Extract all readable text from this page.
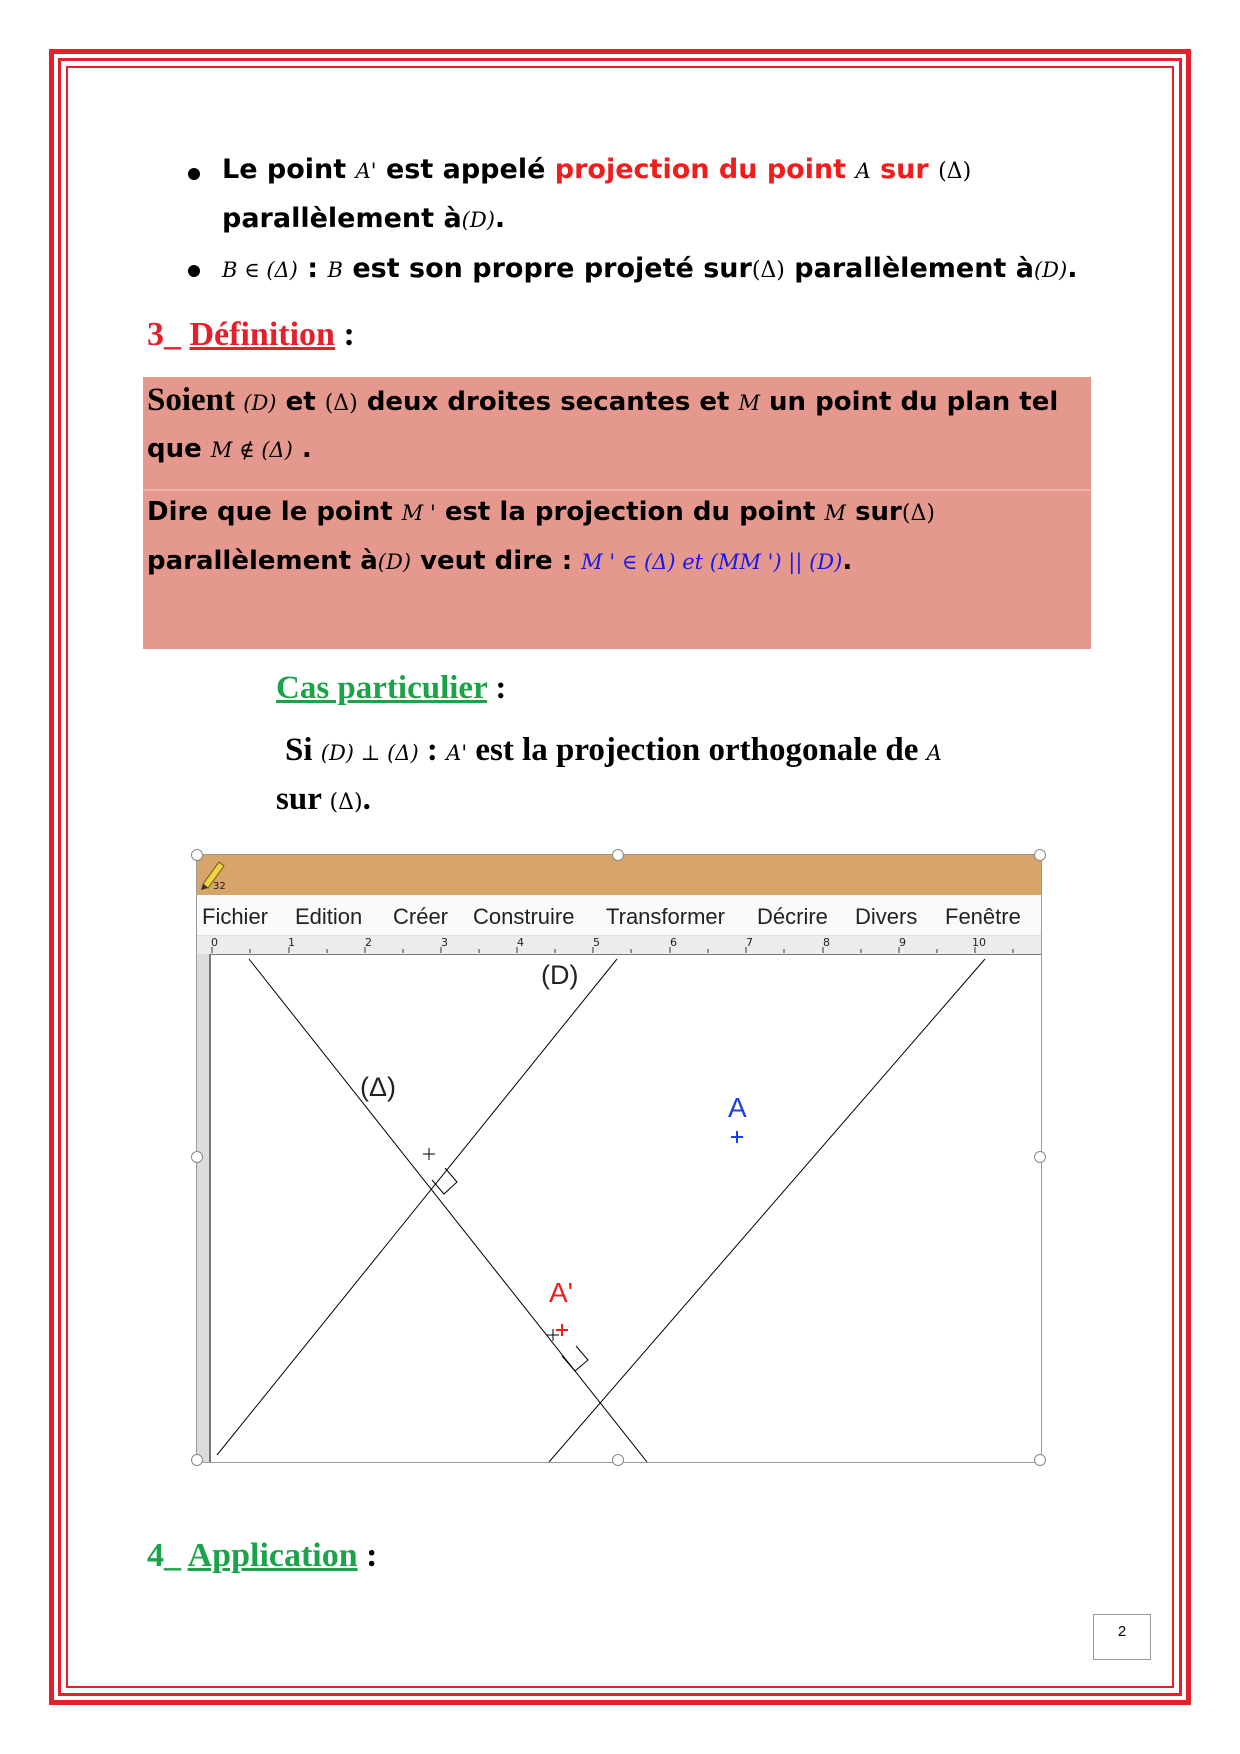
Le point A' est appelé projection du point A sur (Δ)
parallèlement à(D).
B ∈ (Δ) : B est son propre projeté sur(Δ) parallèlement à(D).
3_ Définition :
Soient (D) et (Δ) deux droites secantes et M un point du plan tel
que M ∉ (Δ) .
Dire que le point M ' est la projection du point M sur(Δ)
parallèlement à(D) veut dire : M ' ∈ (Δ) et (MM ') || (D).
Cas particulier :
Si (D) ⊥ (Δ) : A' est la projection orthogonale de A
sur (Δ).
32
Fichier Edition Créer Construire Transformer Décrire Divers Fenêtre
0	1	2	3	4	5	6	7	8	9	10
(D)
(Δ)
A
A'
4_ Application :
2
